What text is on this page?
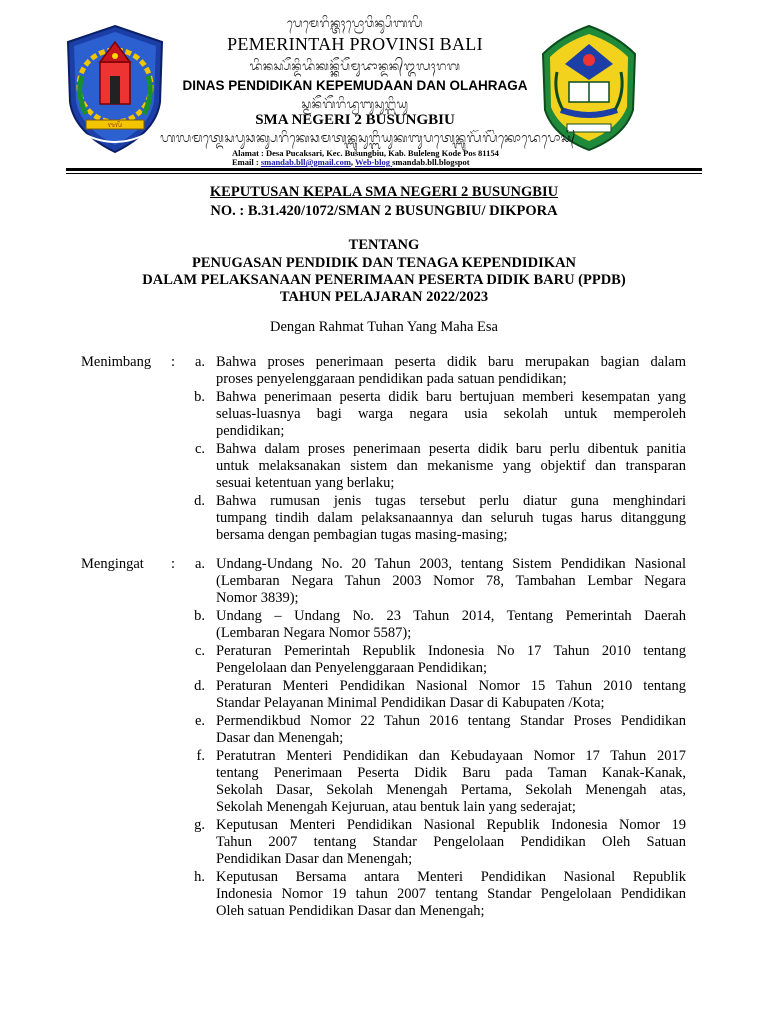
ᬩᬮᬶ
ᬧᬾᬫᬾᬭᬶᬦ᭄ᬢᬄᬧ᭄ᬭᭀᬯᬶᬦ᭄ᬲᬶᬩᬮᬶ
PEMERINTAH PROVINSI BALI
ᬤᬶᬦᬲ᭄ᬧᭂᬦ᭄ᬤᬶᬤᬶᬓᬦ᭄ᬓᭂᬧᭂᬫᬸᬤᬵᬦ᭄ᬤᬦ᭄ᬑᬮᬄᬭᬕ
DINAS PENDIDIKAN KEPEMUDAAN DAN OLAHRAGA
ᬲ᭄ᬫᬦᭂᬕᭂᬭᬶᬤ᭄ᬯᬩᬸᬲᬸᬗ᭄ᬩᬶᬬᬸ
SMA NEGERI 2 BUSUNGBIU
ᬳᬮᬫᬢ᭄ᬤᬾᬲᬧᬸᬘᬓ᭄ᬲᬭᬶᬓᬾᬘᬫᬢᬦ᭄ᬩᬸᬲᬸᬗ᭄ᬩᬶᬬᬸᬓᬩᬸᬧᬢᬾᬦ᭄ᬩᬸᬮᭂᬮᭂᬂᬓᭀᬤᬾᬧᭀᬲ᭄
Alamat : Desa Pucaksari, Kec. Busungbiu, Kab. Buleleng Kode Pos 81154
Email : smandab.bll@gmail.com, Web-blog smandab.bll.blogspot
KEPUTUSAN KEPALA SMA NEGERI 2 BUSUNGBIU
NO. : B.31.420/1072/SMAN 2 BUSUNGBIU/ DIKPORA
TENTANG
PENUGASAN PENDIDIK DAN TENAGA KEPENDIDIKAN
DALAM PELAKSANAAN PENERIMAAN PESERTA DIDIK BARU (PPDB)
TAHUN PELAJARAN 2022/2023
Dengan Rahmat Tuhan Yang Maha Esa
Menimbang :	a. Bahwa proses penerimaan peserta didik baru merupakan bagian dalam
proses penyelenggaraan pendidikan pada satuan pendidikan;
b. Bahwa penerimaan peserta didik baru bertujuan memberi kesempatan yang
seluas-luasnya bagi warga negara usia sekolah untuk memperoleh
pendidikan;
c. Bahwa dalam proses penerimaan peserta didik baru perlu dibentuk panitia
untuk melaksanakan sistem dan mekanisme yang objektif dan transparan
sesuai ketentuan yang berlaku;
d. Bahwa rumusan jenis tugas tersebut perlu diatur guna menghindari
tumpang tindih dalam pelaksanaannya dan seluruh tugas harus ditanggung
bersama dengan pembagian tugas masing-masing;
Mengingat :	a. Undang-Undang No. 20 Tahun 2003, tentang Sistem Pendidikan Nasional
(Lembaran Negara Tahun 2003 Nomor 78, Tambahan Lembar Negara
Nomor 3839);
b. Undang – Undang No. 23 Tahun 2014, Tentang Pemerintah Daerah
(Lembaran Negara Nomor 5587);
c. Peraturan Pemerintah Republik Indonesia No 17 Tahun 2010 tentang
Pengelolaan dan Penyelenggaraan Pendidikan;
d. Peraturan Menteri Pendidikan Nasional Nomor 15 Tahun 2010 tentang
Standar Pelayanan Minimal Pendidikan Dasar di Kabupaten /Kota;
e. Permendikbud Nomor 22 Tahun 2016 tentang Standar Proses Pendidikan
Dasar dan Menengah;
f. Peratutran Menteri Pendidikan dan Kebudayaan Nomor 17 Tahun 2017
tentang Penerimaan Peserta Didik Baru pada Taman Kanak-Kanak,
Sekolah Dasar, Sekolah Menengah Pertama, Sekolah Menengah atas,
Sekolah Menengah Kejuruan, atau bentuk lain yang sederajat;
g. Keputusan Menteri Pendidikan Nasional Republik Indonesia Nomor 19
Tahun 2007 tentang Standar Pengelolaan Pendidikan Oleh Satuan
Pendidikan Dasar dan Menengah;
h. Keputusan Bersama antara Menteri Pendidikan Nasional Republik
Indonesia Nomor 19 tahun 2007 tentang Standar Pengelolaan Pendidikan
Oleh satuan Pendidikan Dasar dan Menengah;
